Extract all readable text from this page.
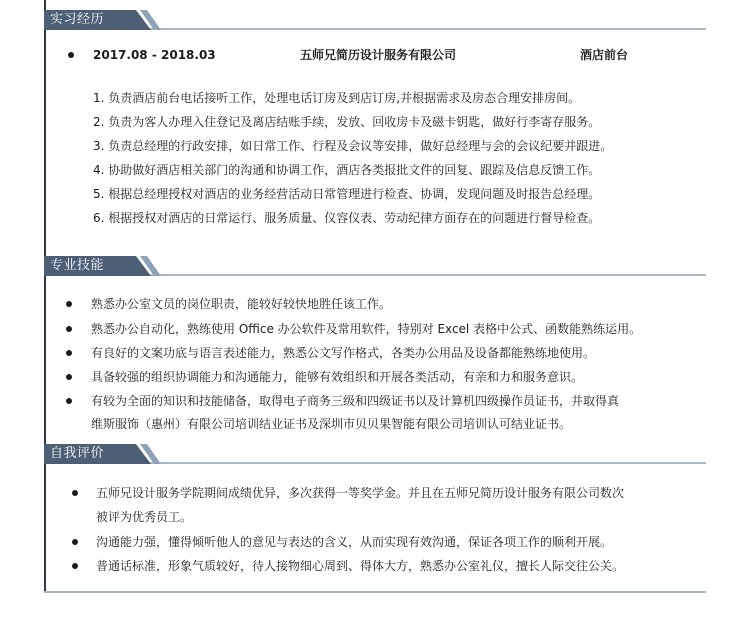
实习经历
2017.08 - 2018.03	五师兄简历设计服务有限公司	酒店前台
1. 负责酒店前台电话接听工作，处理电话订房及到店订房,并根据需求及房态合理安排房间。
2. 负责为客人办理入住登记及离店结账手续，发放、回收房卡及磁卡钥匙，做好行李寄存服务。
3. 负责总经理的行政安排，如日常工作、行程及会议等安排，做好总经理与会的会议纪要并跟进。
4. 协助做好酒店相关部门的沟通和协调工作，酒店各类报批文件的回复、跟踪及信息反馈工作。
5. 根据总经理授权对酒店的业务经营活动日常管理进行检查、协调，发现问题及时报告总经理。
6. 根据授权对酒店的日常运行、服务质量、仪容仪表、劳动纪律方面存在的问题进行督导检查。
专业技能
熟悉办公室文员的岗位职责，能较好较快地胜任该工作。
熟悉办公自动化，熟练使用 Office 办公软件及常用软件，特别对 Excel 表格中公式、函数能熟练运用。
有良好的文案功底与语言表述能力，熟悉公文写作格式，各类办公用品及设备都能熟练地使用。
具备较强的组织协调能力和沟通能力，能够有效组织和开展各类活动，有亲和力和服务意识。
有较为全面的知识和技能储备，取得电子商务三级和四级证书以及计算机四级操作员证书，并取得真
维斯服饰（惠州）有限公司培训结业证书及深圳市贝贝果智能有限公司培训认可结业证书。
自我评价
五师兄设计服务学院期间成绩优异，多次获得一等奖学金。并且在五师兄简历设计服务有限公司数次
被评为优秀员工。
沟通能力强，懂得倾听他人的意见与表达的含义，从而实现有效沟通，保证各项工作的顺利开展。
普通话标准，形象气质较好，待人接物细心周到、得体大方，熟悉办公室礼仪，擅长人际交往公关。
